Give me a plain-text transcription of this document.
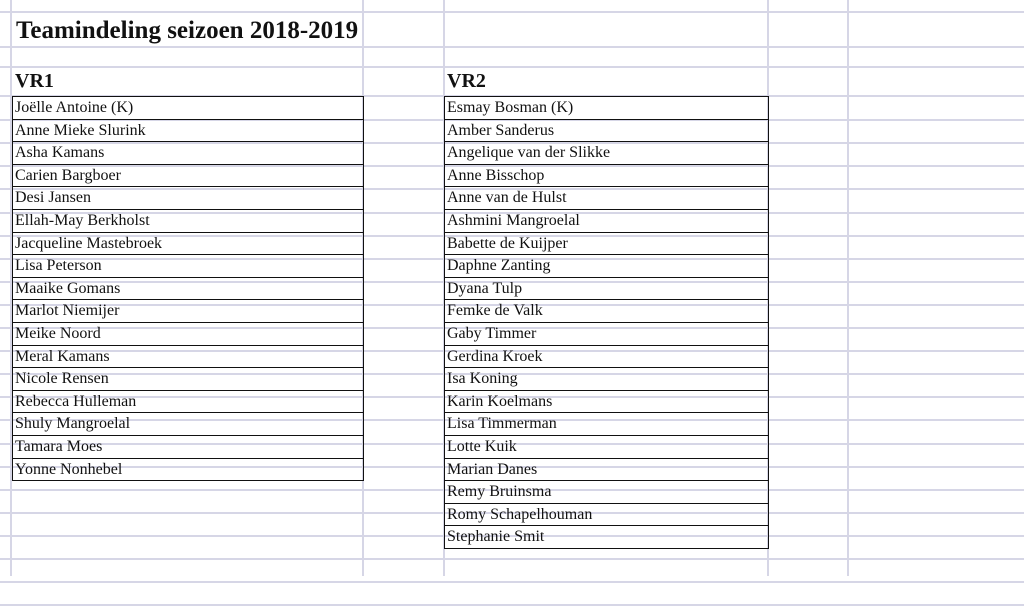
Teamindeling seizoen 2018-2019
VR1	VR2
Joëlle Antoine (K)
Anne Mieke Slurink
Asha Kamans
Carien Bargboer
Desi Jansen
Ellah-May Berkholst
Jacqueline Mastebroek
Lisa Peterson
Maaike Gomans
Marlot Niemijer
Meike Noord
Meral Kamans
Nicole Rensen
Rebecca Hulleman
Shuly Mangroelal
Tamara Moes
Yonne Nonhebel
Esmay Bosman (K)
Amber Sanderus
Angelique van der Slikke
Anne Bisschop
Anne van de Hulst
Ashmini Mangroelal
Babette de Kuijper
Daphne Zanting
Dyana Tulp
Femke de Valk
Gaby Timmer
Gerdina Kroek
Isa Koning
Karin Koelmans
Lisa Timmerman
Lotte Kuik
Marian Danes
Remy Bruinsma
Romy Schapelhouman
Stephanie Smit
